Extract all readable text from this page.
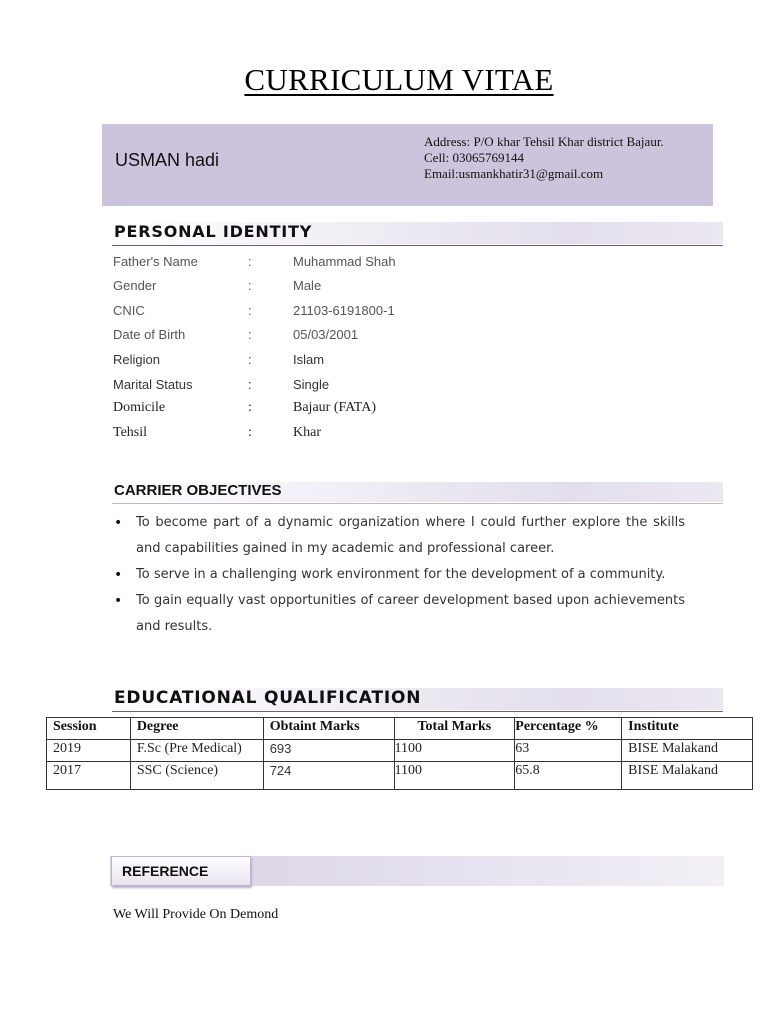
CURRICULUM VITAE
USMAN hadi
Address: P/O khar Tehsil Khar district Bajaur.
Cell: 03065769144
Email:usmankhatir31@gmail.com
PERSONAL IDENTITY
Father's Name	:	Muhammad Shah
Gender	:	Male
CNIC	:	21103-6191800-1
Date of Birth	:	05/03/2001
Religion	:	Islam
Marital Status	:	Single
Domicile	:	Bajaur (FATA)
Tehsil	:	Khar
CARRIER OBJECTIVES
• To become part of a dynamic organization where I could further explore the skills and capabilities gained in my academic and professional career.
• To serve in a challenging work environment for the development of a community.
• To gain equally vast opportunities of career development based upon achievements and results.
EDUCATIONAL QUALIFICATION
Session	Degree	Obtaint Marks	Total Marks	Percentage %	Institute
2019	F.Sc (Pre Medical)	693	1100	63	BISE Malakand
2017	SSC (Science)	724	1100	65.8	BISE Malakand
REFERENCE
We Will Provide On Demond
